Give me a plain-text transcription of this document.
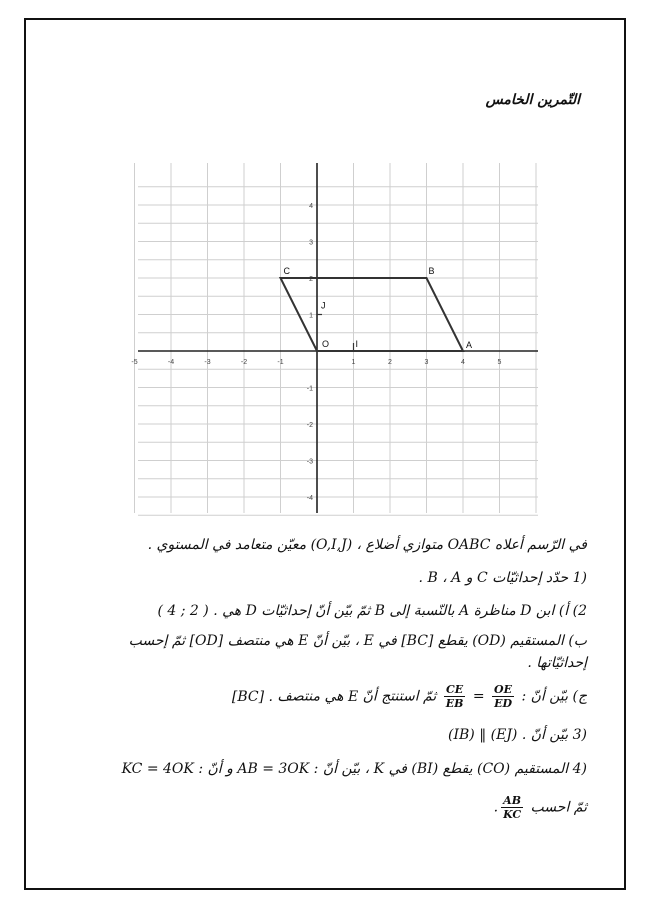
التّمرين الخامس
-5	-4	-3	-2	-1	1	2	3	4	5
4
3
2
1
-1
-2
-3
-4
O	I
J
A
B
C
في الرّسم أعلاه OABC متوازي أضلاع ، (O,I,J) معيّن متعامد في المستوي .
1) حدّد إحداثيّات C و B ، A .
2) أ) ابن D مناظرة A بالنّسبة إلى B ثمّ بيّن أنّ إحداثيّات D هي ( 4 ; 2 ) .
ب) المستقيم (OD) يقطع [BC] في E ، بيّن أنّ E هي منتصف [OD] ثمّ إحسب إحداثيّاتها .
ج) بيّن أنّ :
$\frac{CE}{EB} = \frac{OE}{ED}$
ثمّ استنتج أنّ E هي منتصف [BC] .
3) بيّن أنّ (IB) ‖ (EJ) .
4) المستقيم (CO) يقطع (BI) في K ، بيّن أنّ : AB = 3OK و أنّ : KC = 4OK
ثمّ احسب
$\frac{AB}{KC}$
.
